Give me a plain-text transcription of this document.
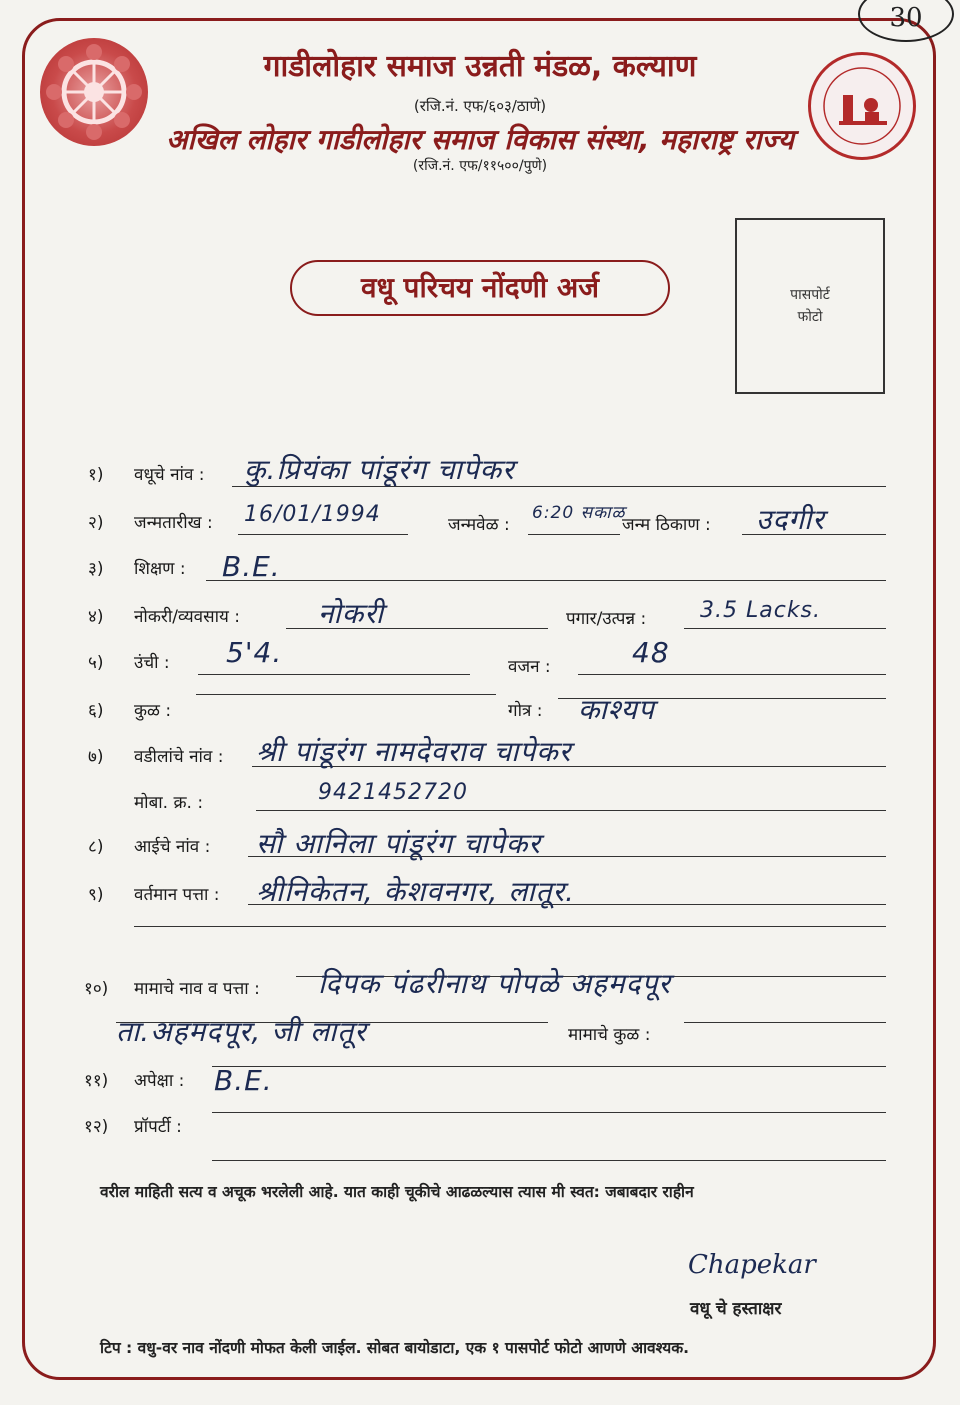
30
गाडीलोहार समाज उन्नती मंडळ, कल्याण
(रजि.नं. एफ/६०३/ठाणे)
अखिल लोहार गाडीलोहार समाज विकास संस्था, महाराष्ट्र राज्य
(रजि.नं. एफ/११५००/पुणे)
वधू परिचय नोंदणी अर्ज	पासपोर्ट
फोटो
१) वधूचे नांव : कु.प्रियंका पांडूरंग चापेकर
२) जन्मतारीख : 16/01/1994	जन्मवेळ :
6:20 सकाळ
जन्म ठिकाण : उदगीर
३) शिक्षण : B.E.
४) नोकरी/व्यवसाय :	नोकरी	पगार/उत्पन्न : 3.5 Lacks.
५) उंची : 5'4.	वजन :	48
६) कुळ :	गोत्र : काश्यप
७) वडीलांचे नांव : श्री पांडूरंग नामदेवराव चापेकर
मोबा. क्र. :	9421452720
८) आईचे नांव : सौ आनिला पांडूरंग चापेकर
९) वर्तमान पत्ता : श्रीनिकेतन, केशवनगर, लातूर.
१०) मामाचे नाव व पत्ता : दिपक पंढरीनाथ पोपळे अहमदपूर
ता.अहमदपूर, जी लातूर	मामाचे कुळ :
११) अपेक्षा : B.E.
१२) प्रॉपर्टी :
वरील माहिती सत्य व अचूक भरलेली आहे. यात काही चूकीचे आढळल्यास त्यास मी स्वत: जबाबदार राहीन
Chapekar
वधू चे हस्ताक्षर
टिप : वधु-वर नाव नोंदणी मोफत केली जाईल. सोबत बायोडाटा, एक १ पासपोर्ट फोटो आणणे आवश्यक.
